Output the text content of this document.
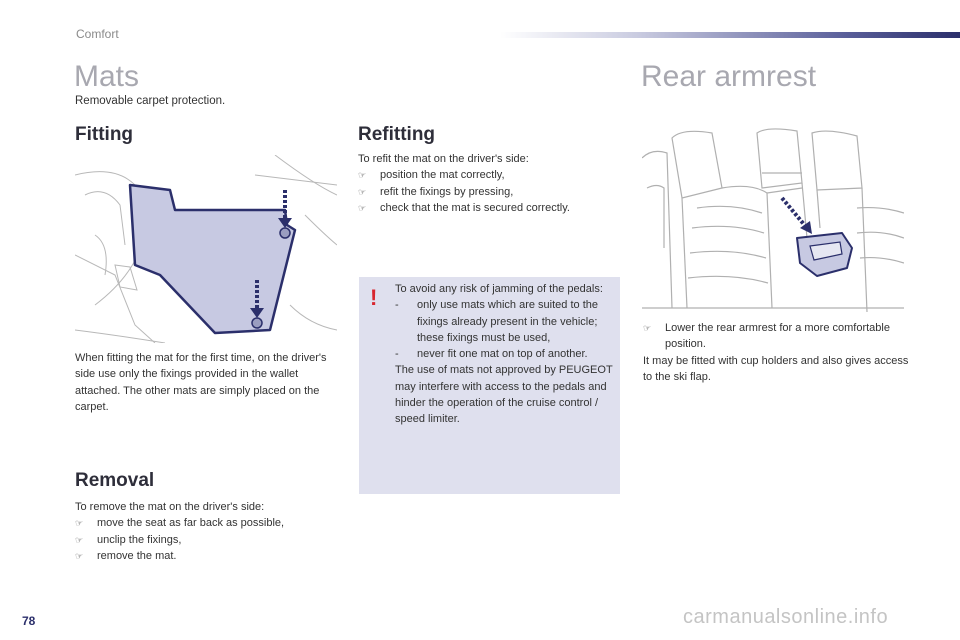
Comfort
Mats
Removable carpet protection.
Rear armrest
Fitting	Refitting
Removal
When fitting the mat for the first time, on the driver's side use only the fixings provided in the wallet attached. The other mats are simply placed on the carpet.
To refit the mat on the driver's side:
☞	position the mat correctly,
☞	refit the fixings by pressing,
☞	check that the mat is secured correctly.
! To avoid any risk of jamming of the pedals:
-	only use mats which are suited to the fixings already present in the vehicle; these fixings must be used,
-	never fit one mat on top of another.
The use of mats not approved by PEUGEOT may interfere with access to the pedals and hinder the operation of the cruise control / speed limiter.
To remove the mat on the driver's side:
☞	move the seat as far back as possible,
☞	unclip the fixings,
☞	remove the mat.
☞	Lower the rear armrest for a more comfortable position.
It may be fitted with cup holders and also gives access to the ski flap.
78	carmanualsonline.info
